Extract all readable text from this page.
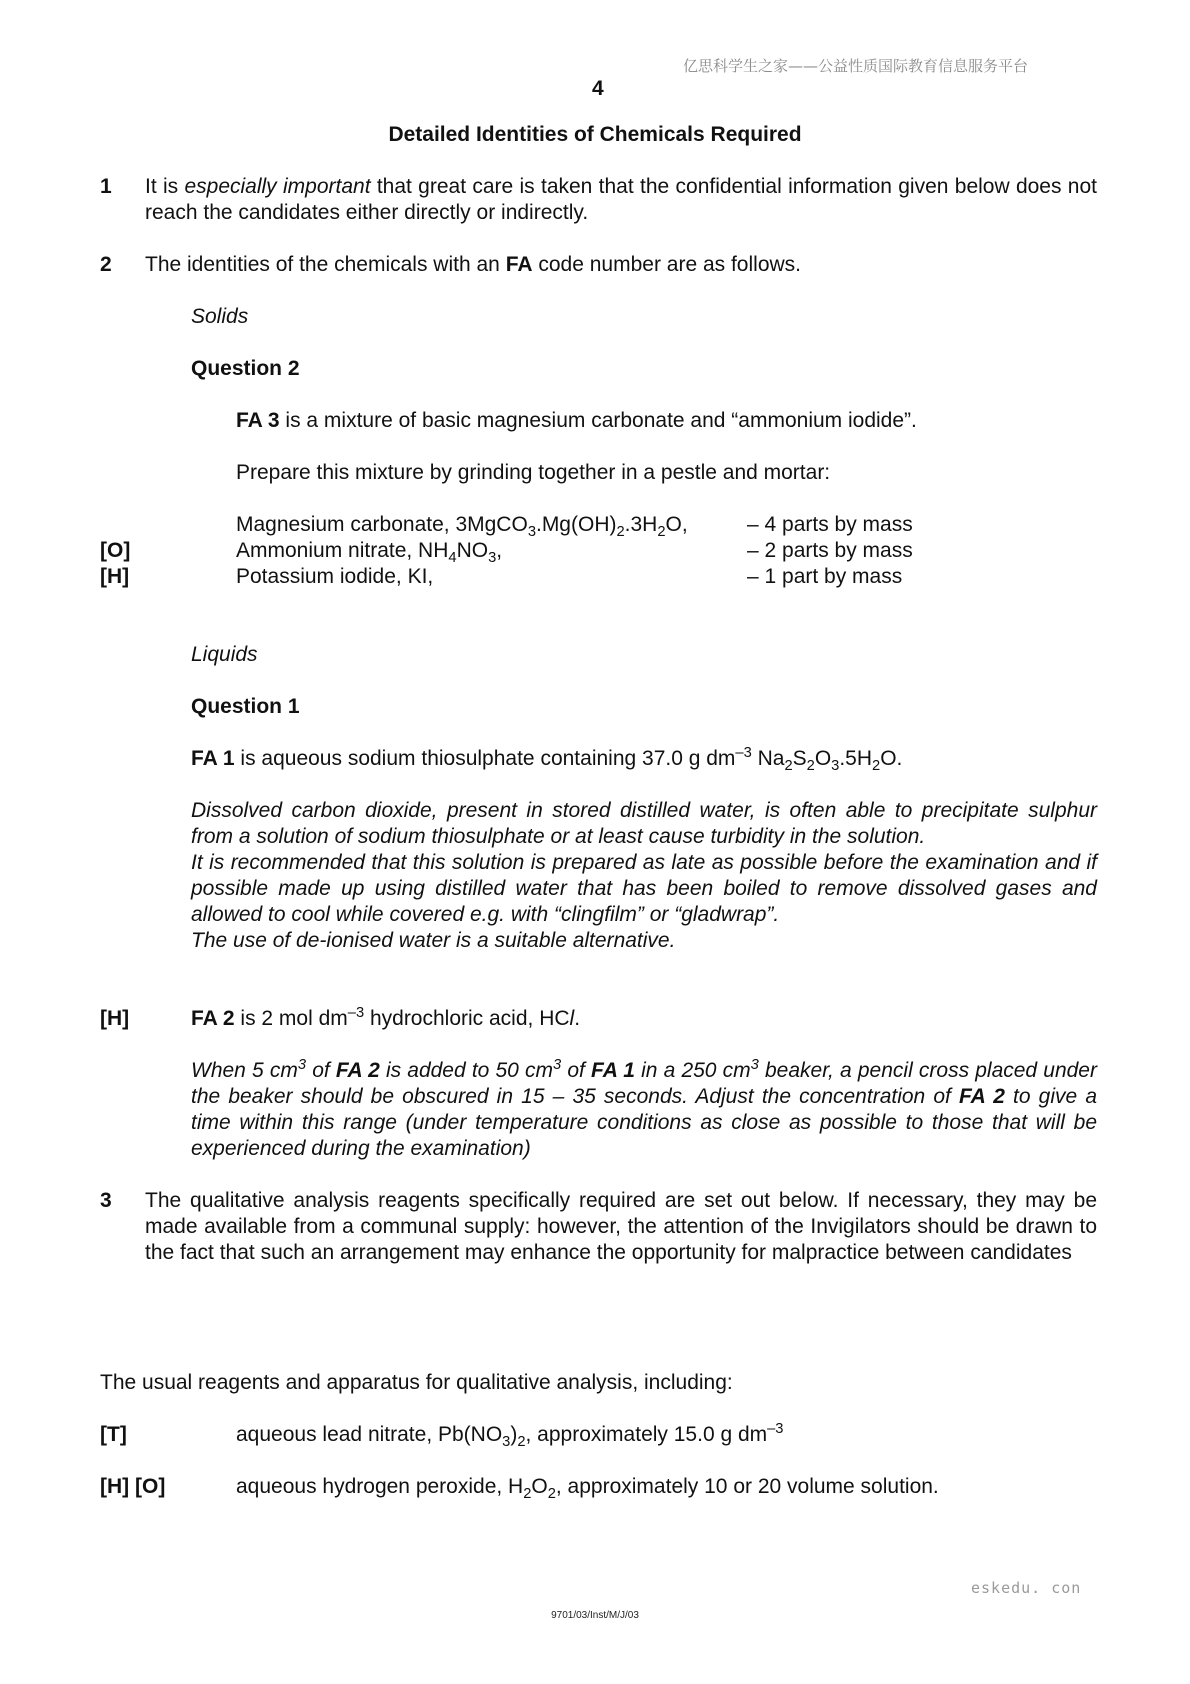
亿思科学生之家——公益性质国际教育信息服务平台
4
Detailed Identities of Chemicals Required
1 It is especially important that great care is taken that the confidential information given below does not reach the candidates either directly or indirectly.
2 The identities of the chemicals with an FA code number are as follows.
Solids
Question 2
FA 3 is a mixture of basic magnesium carbonate and “ammonium iodide”.
Prepare this mixture by grinding together in a pestle and mortar:
Magnesium carbonate, $3MgCO_3.Mg(OH)_2.3H_2O$,	– 4 parts by mass
[O]	Ammonium nitrate, $NH_4NO_3$,	– 2 parts by mass
[H]	Potassium iodide, KI,	– 1 part by mass
Liquids
Question 1
FA 1 is aqueous sodium thiosulphate containing 37.0 g $dm^{-3}$ $Na_2S_2O_3.5H_2O$.
Dissolved carbon dioxide, present in stored distilled water, is often able to precipitate sulphur from a solution of sodium thiosulphate or at least cause turbidity in the solution.
It is recommended that this solution is prepared as late as possible before the examination and if possible made up using distilled water that has been boiled to remove dissolved gases and allowed to cool while covered e.g. with “clingfilm” or “gladwrap”.
The use of de-ionised water is a suitable alternative.
[H]	FA 2 is 2 mol $dm^{-3}$ hydrochloric acid, HCl.
When 5 $cm^3$ of FA 2 is added to 50 $cm^3$ of FA 1 in a 250 $cm^3$ beaker, a pencil cross placed under the beaker should be obscured in 15 – 35 seconds. Adjust the concentration of FA 2 to give a time within this range (under temperature conditions as close as possible to those that will be experienced during the examination)
3 The qualitative analysis reagents specifically required are set out below. If necessary, they may be made available from a communal supply: however, the attention of the Invigilators should be drawn to the fact that such an arrangement may enhance the opportunity for malpractice between candidates
The usual reagents and apparatus for qualitative analysis, including:
[T]	aqueous lead nitrate, $Pb(NO_3)_2$, approximately 15.0 g $dm^{-3}$
[H] [O]	aqueous hydrogen peroxide, $H_2O_2$, approximately 10 or 20 volume solution.
eskedu. con
9701/03/Inst/M/J/03
